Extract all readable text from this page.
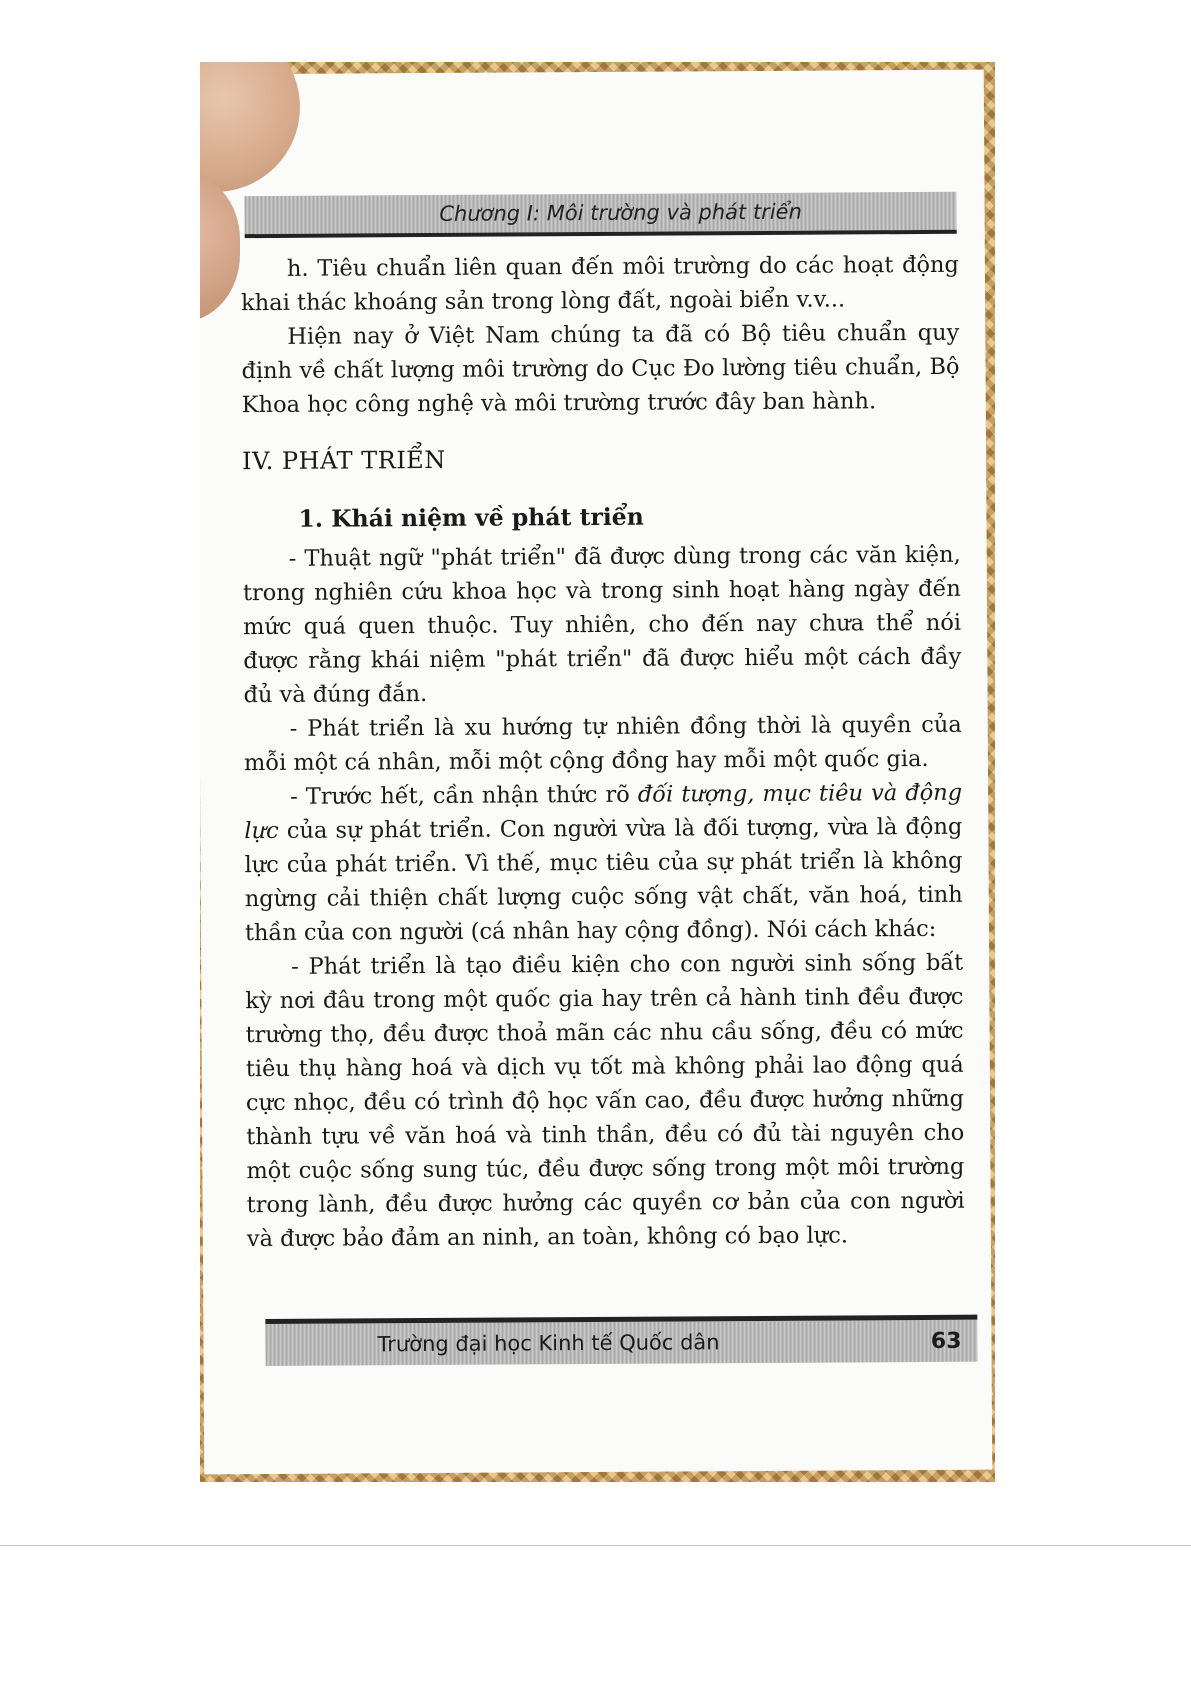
Chương I: Môi trường và phát triển

h. Tiêu chuẩn liên quan đến môi trường do các hoạt động khai thác khoáng sản trong lòng đất, ngoài biển v.v...

Hiện nay ở Việt Nam chúng ta đã có Bộ tiêu chuẩn quy định về chất lượng môi trường do Cục Đo lường tiêu chuẩn, Bộ Khoa học công nghệ và môi trường trước đây ban hành.

IV. PHÁT TRIỂN
1. Khái niệm về phát triển

- Thuật ngữ "phát triển" đã được dùng trong các văn kiện, trong nghiên cứu khoa học và trong sinh hoạt hàng ngày đến mức quá quen thuộc. Tuy nhiên, cho đến nay chưa thể nói được rằng khái niệm "phát triển" đã được hiểu một cách đầy đủ và đúng đắn.

- Phát triển là xu hướng tự nhiên đồng thời là quyền của mỗi một cá nhân, mỗi một cộng đồng hay mỗi một quốc gia.

- Trước hết, cần nhận thức rõ đối tượng, mục tiêu và động lực của sự phát triển. Con người vừa là đối tượng, vừa là động lực của phát triển. Vì thế, mục tiêu của sự phát triển là không ngừng cải thiện chất lượng cuộc sống vật chất, văn hoá, tinh thần của con người (cá nhân hay cộng đồng). Nói cách khác:

- Phát triển là tạo điều kiện cho con người sinh sống bất kỳ nơi đâu trong một quốc gia hay trên cả hành tinh đều được trường thọ, đều được thoả mãn các nhu cầu sống, đều có mức tiêu thụ hàng hoá và dịch vụ tốt mà không phải lao động quá cực nhọc, đều có trình độ học vấn cao, đều được hưởng những thành tựu về văn hoá và tinh thần, đều có đủ tài nguyên cho một cuộc sống sung túc, đều được sống trong một môi trường trong lành, đều được hưởng các quyền cơ bản của con người và được bảo đảm an ninh, an toàn, không có bạo lực.

Trường đại học Kinh tế Quốc dân	63
